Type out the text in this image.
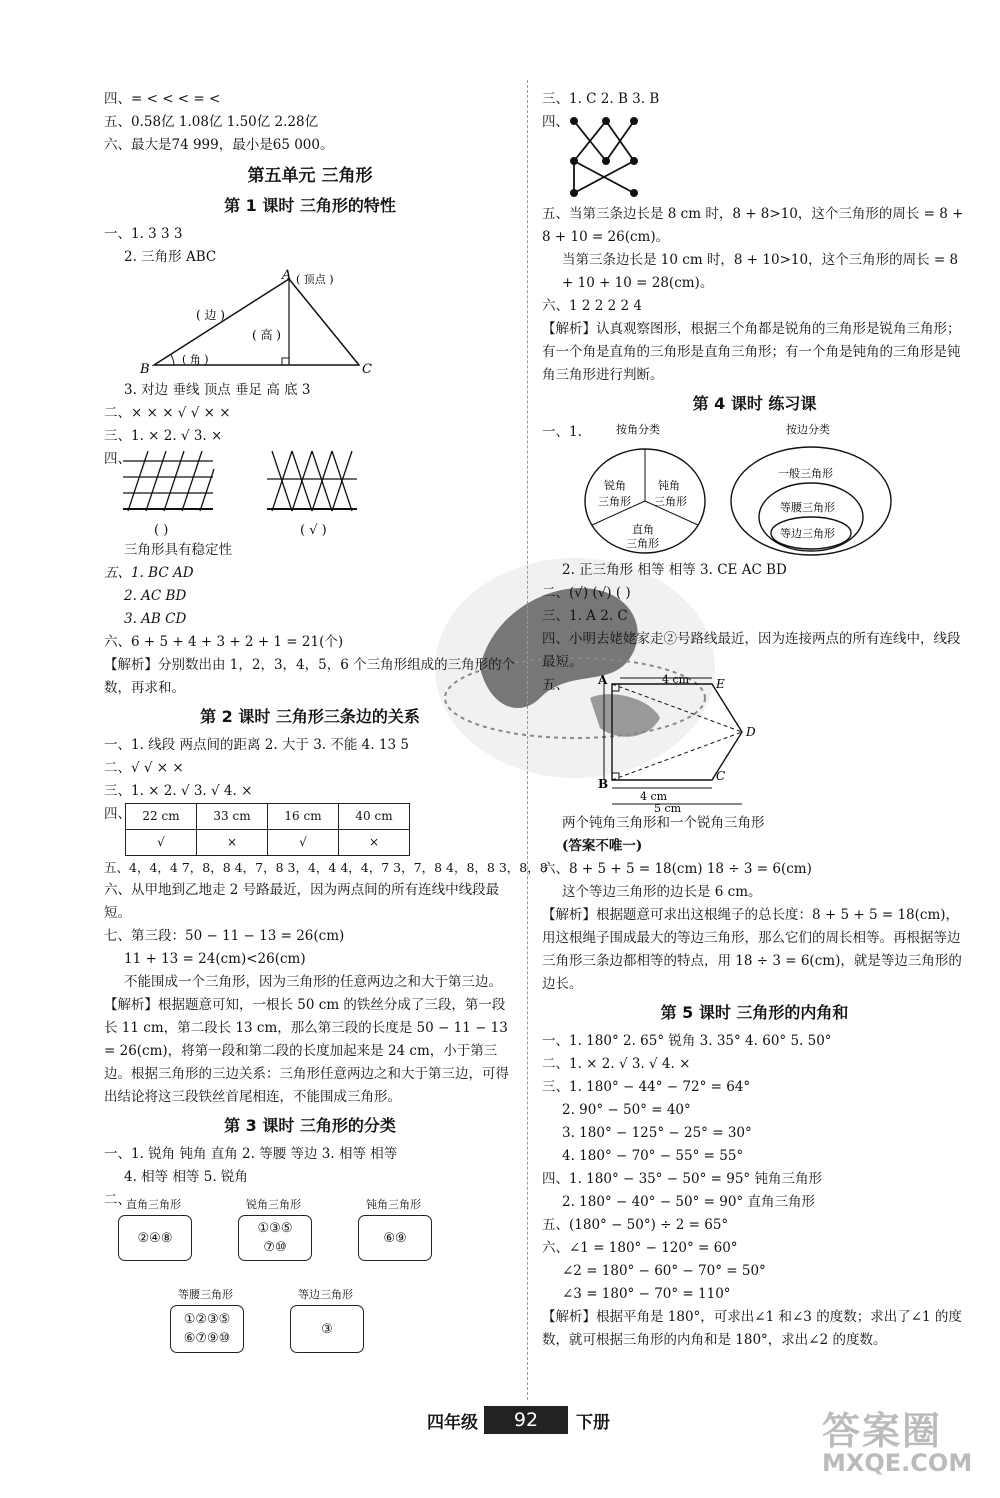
四、= < < < = <
五、0.58亿 1.08亿 1.50亿 2.28亿
六、最大是74 999，最小是65 000。
第五单元 三角形
第 1 课时 三角形的特性
一、1. 3 3 3
2. 三角形 ABC
A
B	C
( 顶点 )
( 边 )
( 高 )
( 角 )
3. 对边 垂线 顶点 垂足 高 底 3
二、× × × √ √ × ×
三、1. × 2. √ 3. ×
四、
( )	( √ )
三角形具有稳定性
五、1. BC AD
2. AC BD
3. AB CD
六、6 + 5 + 4 + 3 + 2 + 1 = 21(个)
【解析】分别数出由 1，2，3，4，5，6 个三角形组成的三角形的个数，再求和。
第 2 课时 三角形三条边的关系
一、1. 线段 两点间的距离 2. 大于 3. 不能 4. 13 5
二、√ √ × ×
三、1. × 2. √ 3. √ 4. ×
四、 22 cm	33 cm	16 cm	40 cm
√	×	√	×
五、4，4，4 7，8，8 4，7，8 3，4，4 4，4，7 3，7，8 4，8，8 3，8，8
六、从甲地到乙地走 2 号路最近，因为两点间的所有连线中线段最短。
七、第三段：50 − 11 − 13 = 26(cm)
11 + 13 = 24(cm)<26(cm)
不能围成一个三角形，因为三角形的任意两边之和大于第三边。
【解析】根据题意可知，一根长 50 cm 的铁丝分成了三段，第一段长 11 cm，第二段长 13 cm，那么第三段的长度是 50 − 11 − 13 = 26(cm)，将第一段和第二段的长度加起来是 24 cm，小于第三边。根据三角形的三边关系：三角形任意两边之和大于第三边，可得出结论将这三段铁丝首尾相连，不能围成三角形。
第 3 课时 三角形的分类
一、1. 锐角 钝角 直角 2. 等腰 等边 3. 相等 相等
4. 相等 相等 5. 锐角
二、
直角三角形
②④⑧
锐角三角形
①③⑤
⑦⑩
钝角三角形
⑥⑨
等腰三角形
①②③⑤
⑥⑦⑨⑩
等边三角形
③
三、1. C 2. B 3. B
四、
五、当第三条边长是 8 cm 时，8 + 8>10，这个三角形的周长 = 8 + 8 + 10 = 26(cm)。
当第三条边长是 10 cm 时，8 + 10>10，这个三角形的周长 = 8 + 10 + 10 = 28(cm)。
六、1 2 2 2 2 4
【解析】认真观察图形，根据三个角都是锐角的三角形是锐角三角形；有一个角是直角的三角形是直角三角形；有一个角是钝角的三角形是钝角三角形进行判断。
第 4 课时 练习课
一、1.	按角分类
锐角
三角形
钝角
三角形
直角
三角形
按边分类
一般三角形
等腰三角形
等边三角形
2. 正三角形 相等 相等 3. CE AC BD
二、(√) (√) ( )
三、1. A 2. C
四、小明去姥姥家走②号路线最近，因为连接两点的所有连线中，线段最短。
五、 A
B
C
D
E
4 cm
4 cm
5 cm
两个钝角三角形和一个锐角三角形
(答案不唯一)
六、8 + 5 + 5 = 18(cm) 18 ÷ 3 = 6(cm)
这个等边三角形的边长是 6 cm。
【解析】根据题意可求出这根绳子的总长度：8 + 5 + 5 = 18(cm)，用这根绳子围成最大的等边三角形，那么它们的周长相等。再根据等边三角形三条边都相等的特点，用 18 ÷ 3 = 6(cm)，就是等边三角形的边长。
第 5 课时 三角形的内角和
一、1. 180° 2. 65° 锐角 3. 35° 4. 60° 5. 50°
二、1. × 2. √ 3. √ 4. ×
三、1. 180° − 44° − 72° = 64°
2. 90° − 50° = 40°
3. 180° − 125° − 25° = 30°
4. 180° − 70° − 55° = 55°
四、1. 180° − 35° − 50° = 95° 钝角三角形
2. 180° − 40° − 50° = 90° 直角三角形
五、(180° − 50°) ÷ 2 = 65°
六、∠1 = 180° − 120° = 60°
∠2 = 180° − 60° − 70° = 50°
∠3 = 180° − 70° = 110°
【解析】根据平角是 180°，可求出∠1 和∠3 的度数；求出了∠1 的度数，就可根据三角形的内角和是 180°，求出∠2 的度数。
四年级	92	下册	答案圈
MXQE.COM
